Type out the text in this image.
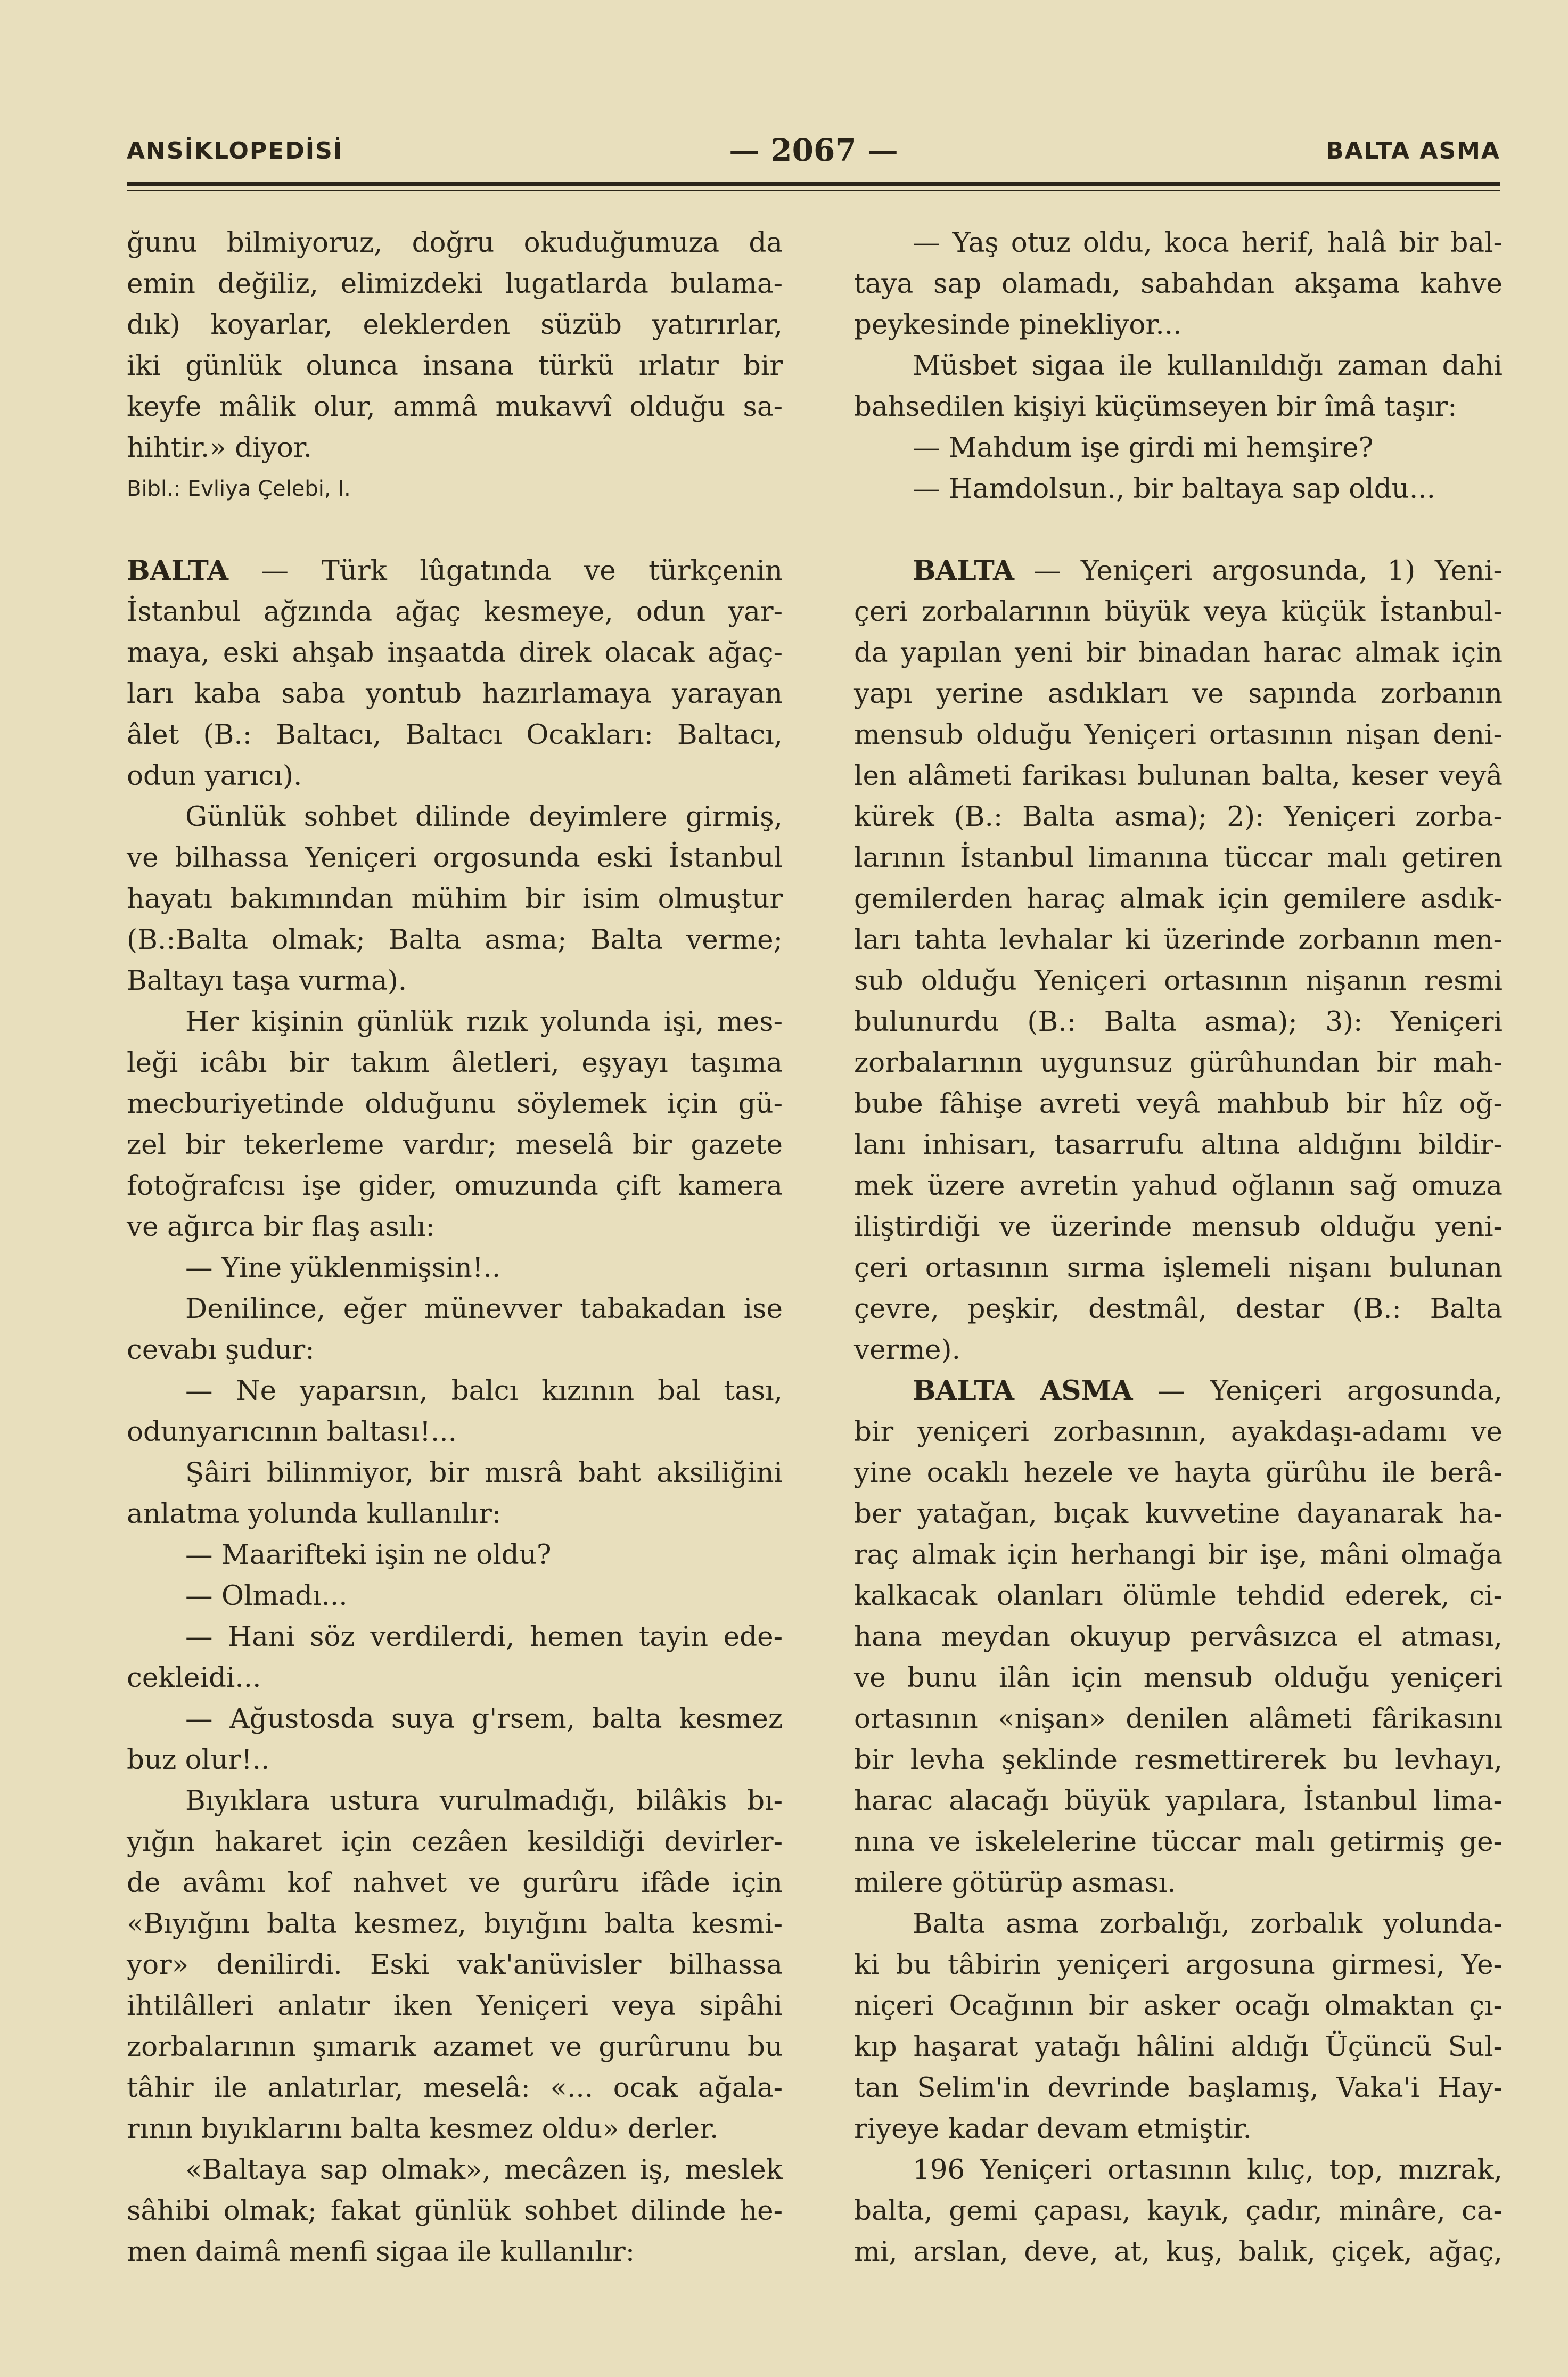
ANSİKLOPEDİSİ	— 2067 —	BALTA ASMA
ğunu bilmiyoruz, doğru okuduğumuza da
emin değiliz, elimizdeki lugatlarda bulama-
dık) koyarlar, eleklerden süzüb yatırırlar,
iki günlük olunca insana türkü ırlatır bir
keyfe mâlik olur, ammâ mukavvî olduğu sa-
hihtir.» diyor.
Bibl.: Evliya Çelebi, I.
BALTA — Türk lûgatında ve türkçenin
İstanbul ağzında ağaç kesmeye, odun yar-
maya, eski ahşab inşaatda direk olacak ağaç-
ları kaba saba yontub hazırlamaya yarayan
âlet (B.: Baltacı, Baltacı Ocakları: Baltacı,
odun yarıcı).
Günlük sohbet dilinde deyimlere girmiş,
ve bilhassa Yeniçeri orgosunda eski İstanbul
hayatı bakımından mühim bir isim olmuştur
(B.:Balta olmak; Balta asma; Balta verme;
Baltayı taşa vurma).
Her kişinin günlük rızık yolunda işi, mes-
leği icâbı bir takım âletleri, eşyayı taşıma
mecburiyetinde olduğunu söylemek için gü-
zel bir tekerleme vardır; meselâ bir gazete
fotoğrafcısı işe gider, omuzunda çift kamera
ve ağırca bir flaş asılı:
— Yine yüklenmişsin!..
Denilince, eğer münevver tabakadan ise
cevabı şudur:
— Ne yaparsın, balcı kızının bal tası,
odunyarıcının baltası!...
Şâiri bilinmiyor, bir mısrâ baht aksiliğini
anlatma yolunda kullanılır:
— Maarifteki işin ne oldu?
— Olmadı...
— Hani söz verdilerdi, hemen tayin ede-
cekleidi...
— Ağustosda suya g'rsem, balta kesmez
buz olur!..
Bıyıklara ustura vurulmadığı, bilâkis bı-
yığın hakaret için cezâen kesildiği devirler-
de avâmı kof nahvet ve gurûru ifâde için
«Bıyığını balta kesmez, bıyığını balta kesmi-
yor» denilirdi. Eski vak'anüvisler bilhassa
ihtilâlleri anlatır iken Yeniçeri veya sipâhi
zorbalarının şımarık azamet ve gurûrunu bu
tâhir ile anlatırlar, meselâ: «... ocak ağala-
rının bıyıklarını balta kesmez oldu» derler.
«Baltaya sap olmak», mecâzen iş, meslek
sâhibi olmak; fakat günlük sohbet dilinde he-
men daimâ menfi sigaa ile kullanılır:
— Yaş otuz oldu, koca herif, halâ bir bal-
taya sap olamadı, sabahdan akşama kahve
peykesinde pinekliyor...
Müsbet sigaa ile kullanıldığı zaman dahi
bahsedilen kişiyi küçümseyen bir îmâ taşır:
— Mahdum işe girdi mi hemşire?
— Hamdolsun., bir baltaya sap oldu...
BALTA — Yeniçeri argosunda, 1) Yeni-
çeri zorbalarının büyük veya küçük İstanbul-
da yapılan yeni bir binadan harac almak için
yapı yerine asdıkları ve sapında zorbanın
mensub olduğu Yeniçeri ortasının nişan deni-
len alâmeti farikası bulunan balta, keser veyâ
kürek (B.: Balta asma); 2): Yeniçeri zorba-
larının İstanbul limanına tüccar malı getiren
gemilerden haraç almak için gemilere asdık-
ları tahta levhalar ki üzerinde zorbanın men-
sub olduğu Yeniçeri ortasının nişanın resmi
bulunurdu (B.: Balta asma); 3): Yeniçeri
zorbalarının uygunsuz gürûhundan bir mah-
bube fâhişe avreti veyâ mahbub bir hîz oğ-
lanı inhisarı, tasarrufu altına aldığını bildir-
mek üzere avretin yahud oğlanın sağ omuza
iliştirdiği ve üzerinde mensub olduğu yeni-
çeri ortasının sırma işlemeli nişanı bulunan
çevre, peşkir, destmâl, destar (B.: Balta
verme).
BALTA ASMA — Yeniçeri argosunda,
bir yeniçeri zorbasının, ayakdaşı-adamı ve
yine ocaklı hezele ve hayta gürûhu ile berâ-
ber yatağan, bıçak kuvvetine dayanarak ha-
raç almak için herhangi bir işe, mâni olmağa
kalkacak olanları ölümle tehdid ederek, ci-
hana meydan okuyup pervâsızca el atması,
ve bunu ilân için mensub olduğu yeniçeri
ortasının «nişan» denilen alâmeti fârikasını
bir levha şeklinde resmettirerek bu levhayı,
harac alacağı büyük yapılara, İstanbul lima-
nına ve iskelelerine tüccar malı getirmiş ge-
milere götürüp asması.
Balta asma zorbalığı, zorbalık yolunda-
ki bu tâbirin yeniçeri argosuna girmesi, Ye-
niçeri Ocağının bir asker ocağı olmaktan çı-
kıp haşarat yatağı hâlini aldığı Üçüncü Sul-
tan Selim'in devrinde başlamış, Vaka'i Hay-
riyeye kadar devam etmiştir.
196 Yeniçeri ortasının kılıç, top, mızrak,
balta, gemi çapası, kayık, çadır, minâre, ca-
mi, arslan, deve, at, kuş, balık, çiçek, ağaç,
